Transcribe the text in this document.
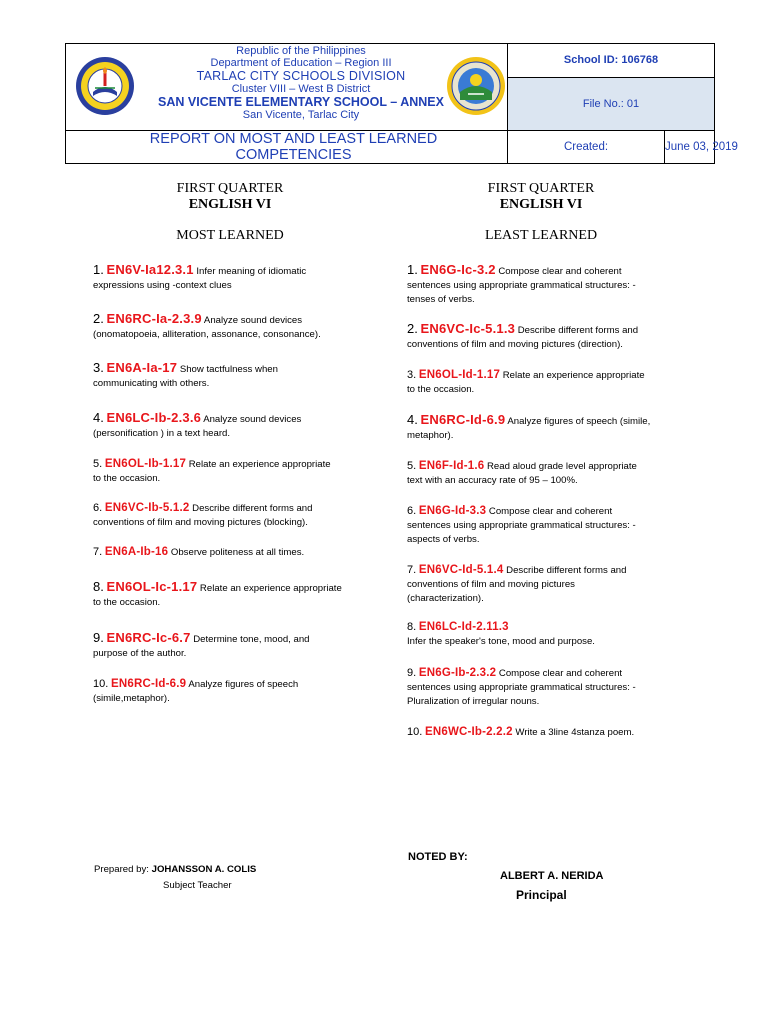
Republic of the Philippines
Department of Education – Region III
TARLAC CITY SCHOOLS DIVISION
Cluster VIII – West B District
SAN VICENTE ELEMENTARY SCHOOL – ANNEX
San Vicente, Tarlac City
REPORT ON MOST AND LEAST LEARNED COMPETENCIES
School ID: 106768
File No.: 01
Created:	June 03, 2019
FIRST QUARTER
ENGLISH VI
MOST LEARNED
FIRST QUARTER
ENGLISH VI
LEAST LEARNED
1. EN6V-Ia12.3.1 Infer meaning of idiomatic
expressions using -context clues
2. EN6RC-Ia-2.3.9 Analyze sound devices
(onomatopoeia, alliteration, assonance, consonance).
3. EN6A-Ia-17 Show tactfulness when
communicating with others.
4. EN6LC-Ib-2.3.6 Analyze sound devices
(personification ) in a text heard.
5. EN6OL-Ib-1.17 Relate an experience appropriate
to the occasion.
6. EN6VC-Ib-5.1.2 Describe different forms and
conventions of film and moving pictures (blocking).
7. EN6A-Ib-16 Observe politeness at all times.
8. EN6OL-Ic-1.17 Relate an experience appropriate
to the occasion.
9. EN6RC-Ic-6.7 Determine tone, mood, and
purpose of the author.
10. EN6RC-Id-6.9 Analyze figures of speech
(simile,metaphor).
1. EN6G-Ic-3.2 Compose clear and coherent
sentences using appropriate grammatical structures: -
tenses of verbs.
2. EN6VC-Ic-5.1.3 Describe different forms and
conventions of film and moving pictures (direction).
3. EN6OL-Id-1.17 Relate an experience appropriate
to the occasion.
4. EN6RC-Id-6.9 Analyze figures of speech (simile,
metaphor).
5. EN6F-Id-1.6 Read aloud grade level appropriate
text with an accuracy rate of 95 – 100%.
6. EN6G-Id-3.3 Compose clear and coherent
sentences using appropriate grammatical structures: -
aspects of verbs.
7. EN6VC-Id-5.1.4 Describe different forms and
conventions of film and moving pictures
(characterization).
8. EN6LC-Id-2.11.3
Infer the speaker's tone, mood and purpose.
9. EN6G-Ib-2.3.2 Compose clear and coherent
sentences using appropriate grammatical structures: -
Pluralization of irregular nouns.
10. EN6WC-Ib-2.2.2 Write a 3line 4stanza poem.
Prepared by: JOHANSSON A. COLIS
Subject Teacher
NOTED BY:
ALBERT A. NERIDA
Principal
